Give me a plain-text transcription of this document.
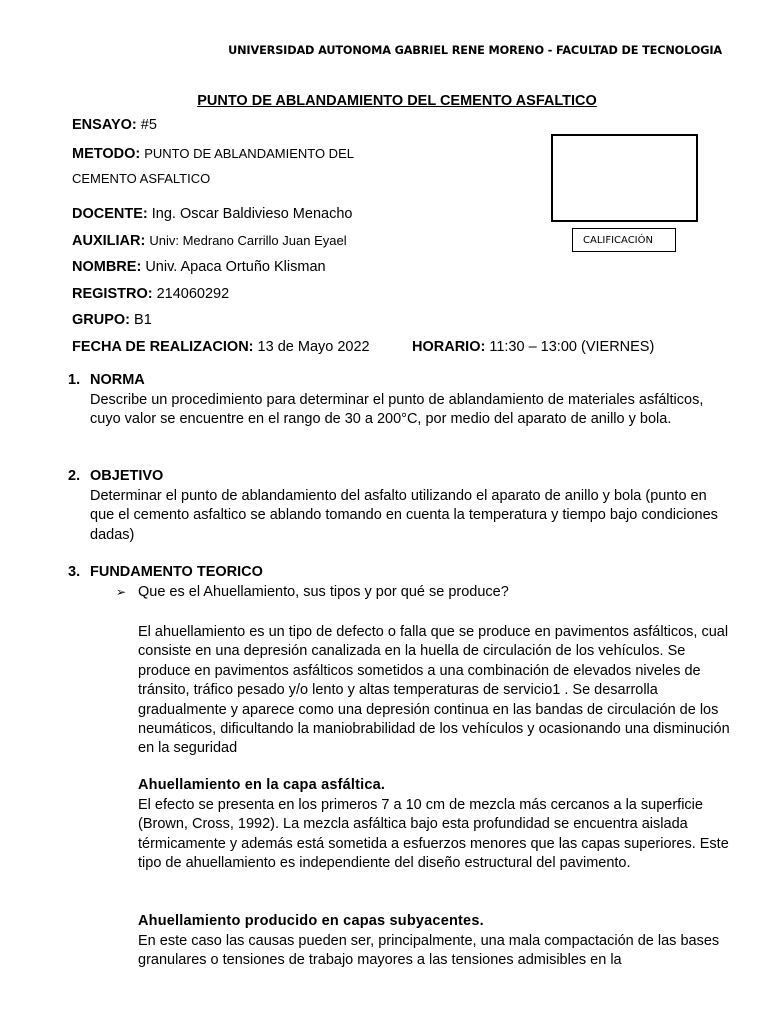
UNIVERSIDAD AUTONOMA GABRIEL RENE MORENO - FACULTAD DE TECNOLOGIA
PUNTO DE ABLANDAMIENTO DEL CEMENTO ASFALTICO
ENSAYO: #5
METODO: PUNTO DE ABLANDAMIENTO DEL
CEMENTO ASFALTICO
DOCENTE: Ing. Oscar Baldivieso Menacho
AUXILIAR: Univ: Medrano Carrillo Juan Eyael
NOMBRE: Univ. Apaca Ortuño Klisman
REGISTRO: 214060292
GRUPO: B1
FECHA DE REALIZACION: 13 de Mayo 2022	HORARIO: 11:30 – 13:00 (VIERNES)
CALIFICACIÓN
1. NORMA
Describe un procedimiento para determinar el punto de ablandamiento de materiales asfálticos, cuyo valor se encuentre en el rango de 30 a 200°C, por medio del aparato de anillo y bola.
2. OBJETIVO
Determinar el punto de ablandamiento del asfalto utilizando el aparato de anillo y bola (punto en que el cemento asfaltico se ablando tomando en cuenta la temperatura y tiempo bajo condiciones dadas)
3. FUNDAMENTO TEORICO
➢ Que es el Ahuellamiento, sus tipos y por qué se produce?
El ahuellamiento es un tipo de defecto o falla que se produce en pavimentos asfálticos, cual consiste en una depresión canalizada en la huella de circulación de los vehículos. Se produce en pavimentos asfálticos sometidos a una combinación de elevados niveles de tránsito, tráfico pesado y/o lento y altas temperaturas de servicio1 . Se desarrolla gradualmente y aparece como una depresión continua en las bandas de circulación de los neumáticos, dificultando la maniobrabilidad de los vehículos y ocasionando una disminución en la seguridad
Ahuellamiento en la capa asfáltica.
El efecto se presenta en los primeros 7 a 10 cm de mezcla más cercanos a la superficie (Brown, Cross, 1992). La mezcla asfáltica bajo esta profundidad se encuentra aislada térmicamente y además está sometida a esfuerzos menores que las capas superiores. Este tipo de ahuellamiento es independiente del diseño estructural del pavimento.
Ahuellamiento producido en capas subyacentes.
En este caso las causas pueden ser, principalmente, una mala compactación de las bases granulares o tensiones de trabajo mayores a las tensiones admisibles en la
